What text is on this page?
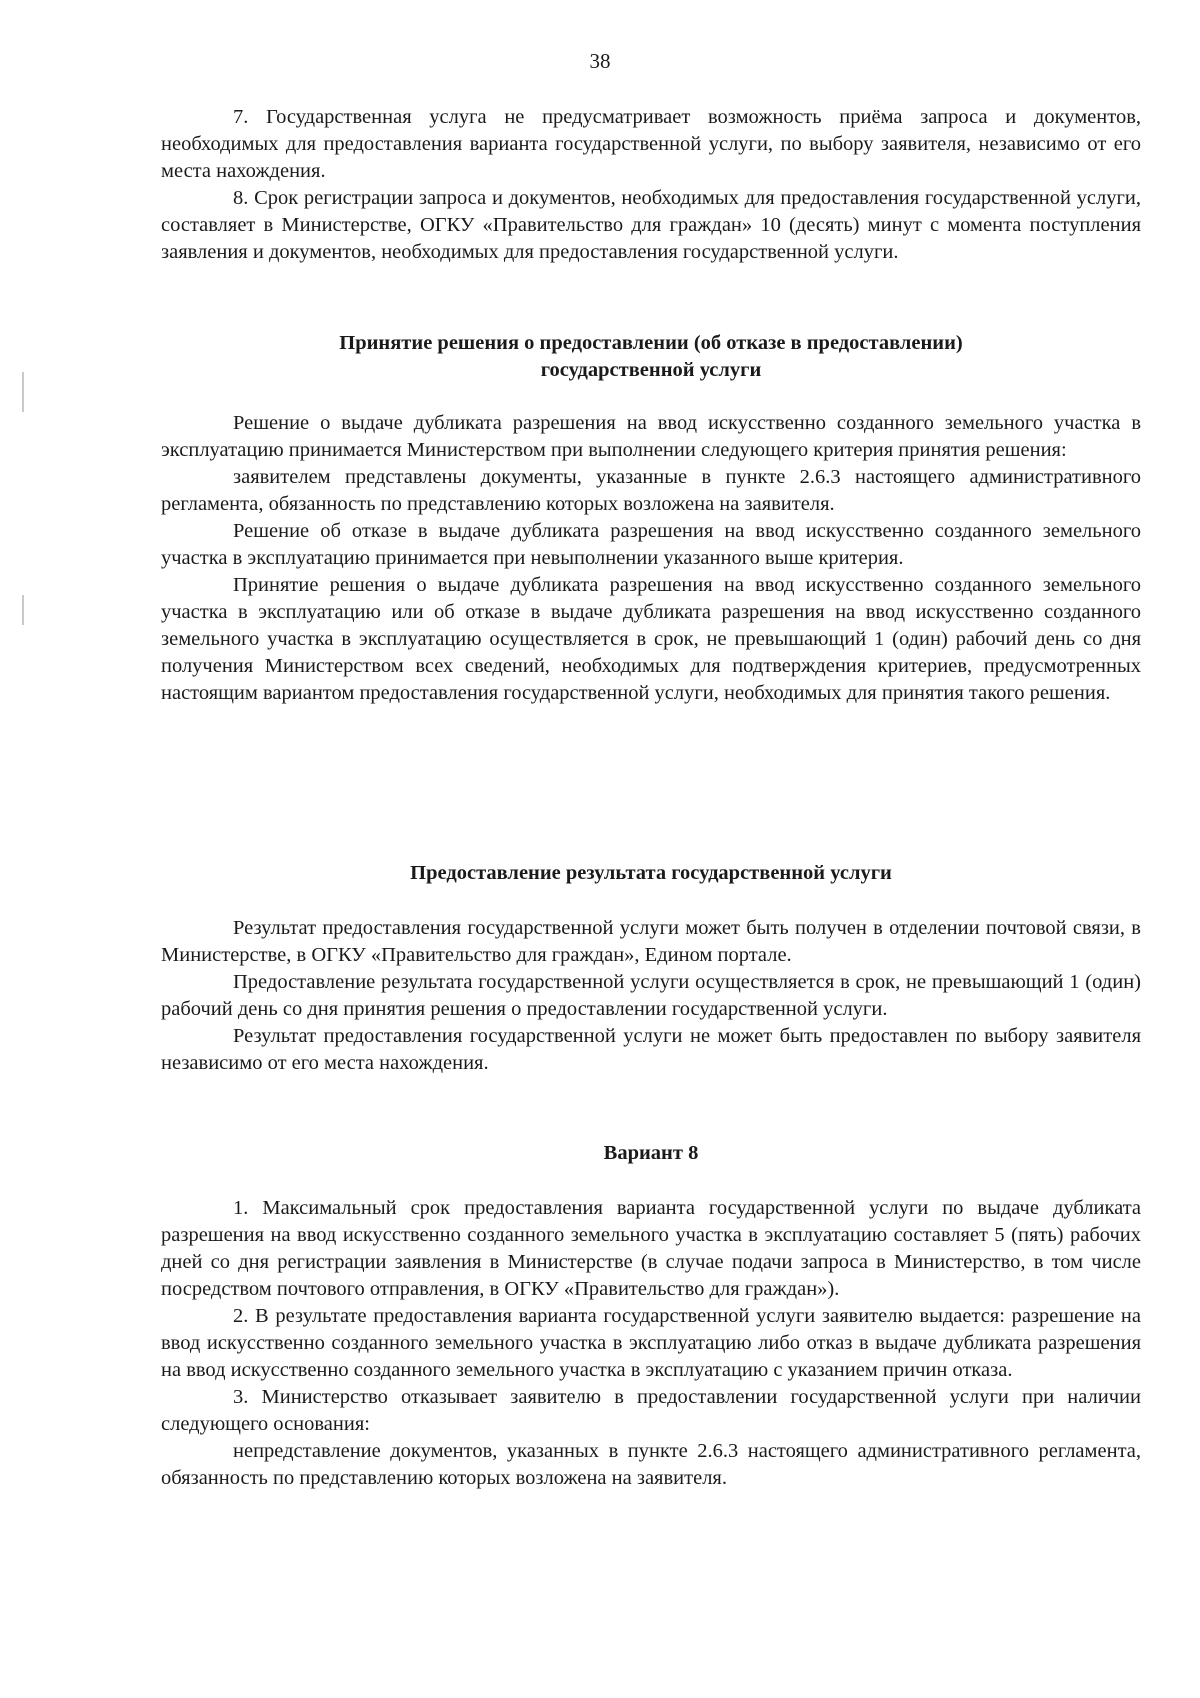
38

7. Государственная услуга не предусматривает возможность приёма запроса и документов, необходимых для предоставления варианта государственной услуги, по выбору заявителя, независимо от его места нахождения.

8. Срок регистрации запроса и документов, необходимых для предоставления государственной услуги, составляет в Министерстве, ОГКУ «Правительство для граждан» 10 (десять) минут с момента поступления заявления и документов, необходимых для предоставления государственной услуги.

Принятие решения о предоставлении (об отказе в предоставлении)
государственной услуги

Решение о выдаче дубликата разрешения на ввод искусственно созданного земельного участка в эксплуатацию принимается Министерством при выполнении следующего критерия принятия решения:

заявителем представлены документы, указанные в пункте 2.6.3 настоящего административного регламента, обязанность по представлению которых возложена на заявителя.

Решение об отказе в выдаче дубликата разрешения на ввод искусственно созданного земельного участка в эксплуатацию принимается при невыполнении указанного выше критерия.

Принятие решения о выдаче дубликата разрешения на ввод искусственно созданного земельного участка в эксплуатацию или об отказе в выдаче дубликата разрешения на ввод искусственно созданного земельного участка в эксплуатацию осуществляется в срок, не превышающий 1 (один) рабочий день со дня получения Министерством всех сведений, необходимых для подтверждения критериев, предусмотренных настоящим вариантом предоставления государственной услуги, необходимых для принятия такого решения.

Предоставление результата государственной услуги

Результат предоставления государственной услуги может быть получен в отделении почтовой связи, в Министерстве, в ОГКУ «Правительство для граждан», Едином портале.

Предоставление результата государственной услуги осуществляется в срок, не превышающий 1 (один) рабочий день со дня принятия решения о предоставлении государственной услуги.

Результат предоставления государственной услуги не может быть предоставлен по выбору заявителя независимо от его места нахождения.

Вариант 8

1. Максимальный срок предоставления варианта государственной услуги по выдаче дубликата разрешения на ввод искусственно созданного земельного участка в эксплуатацию составляет 5 (пять) рабочих дней со дня регистрации заявления в Министерстве (в случае подачи запроса в Министерство, в том числе посредством почтового отправления, в ОГКУ «Правительство для граждан»).

2. В результате предоставления варианта государственной услуги заявителю выдается: разрешение на ввод искусственно созданного земельного участка в эксплуатацию либо отказ в выдаче дубликата разрешения на ввод искусственно созданного земельного участка в эксплуатацию с указанием причин отказа.

3. Министерство отказывает заявителю в предоставлении государственной услуги при наличии следующего основания:

непредставление документов, указанных в пункте 2.6.3 настоящего административного регламента, обязанность по представлению которых возложена на заявителя.
